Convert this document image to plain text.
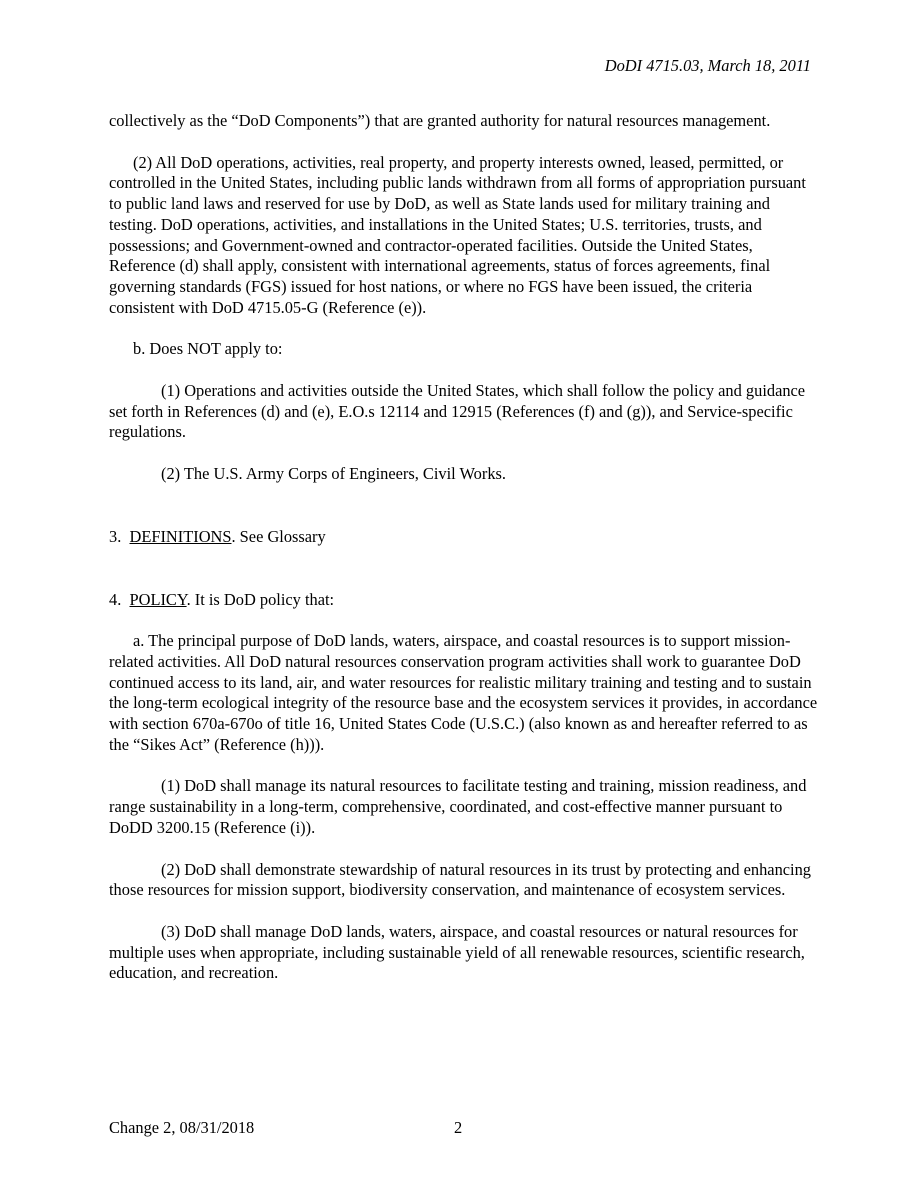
DoDI 4715.03, March 18, 2011

collectively as the “DoD Components”) that are granted authority for natural resources management.

(2) All DoD operations, activities, real property, and property interests owned, leased, permitted, or controlled in the United States, including public lands withdrawn from all forms of appropriation pursuant to public land laws and reserved for use by DoD, as well as State lands used for military training and testing. DoD operations, activities, and installations in the United States; U.S. territories, trusts, and possessions; and Government-owned and contractor-operated facilities. Outside the United States, Reference (d) shall apply, consistent with international agreements, status of forces agreements, final governing standards (FGS) issued for host nations, or where no FGS have been issued, the criteria consistent with DoD 4715.05-G (Reference (e)).

b. Does NOT apply to:

(1) Operations and activities outside the United States, which shall follow the policy and guidance set forth in References (d) and (e), E.O.s 12114 and 12915 (References (f) and (g)), and Service-specific regulations.

(2) The U.S. Army Corps of Engineers, Civil Works.

3. DEFINITIONS. See Glossary

4. POLICY. It is DoD policy that:

a. The principal purpose of DoD lands, waters, airspace, and coastal resources is to support mission-related activities. All DoD natural resources conservation program activities shall work to guarantee DoD continued access to its land, air, and water resources for realistic military training and testing and to sustain the long-term ecological integrity of the resource base and the ecosystem services it provides, in accordance with section 670a-670o of title 16, United States Code (U.S.C.) (also known as and hereafter referred to as the “Sikes Act” (Reference (h))).

(1) DoD shall manage its natural resources to facilitate testing and training, mission readiness, and range sustainability in a long-term, comprehensive, coordinated, and cost-effective manner pursuant to DoDD 3200.15 (Reference (i)).

(2) DoD shall demonstrate stewardship of natural resources in its trust by protecting and enhancing those resources for mission support, biodiversity conservation, and maintenance of ecosystem services.

(3) DoD shall manage DoD lands, waters, airspace, and coastal resources or natural resources for multiple uses when appropriate, including sustainable yield of all renewable resources, scientific research, education, and recreation.

Change 2, 08/31/2018	2
